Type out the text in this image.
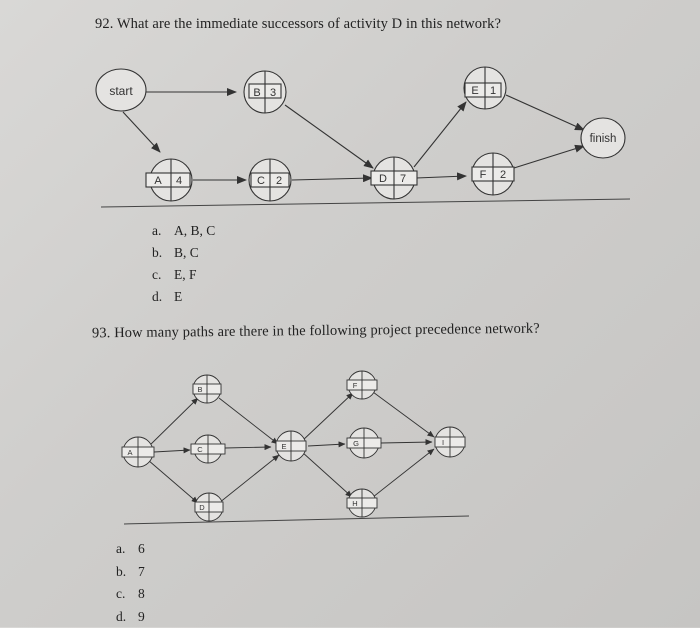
92. What are the immediate successors of activity D in this network?
start
finish
B 3
A 4	C 2	D 7
E 1
F 2
A
B
C
D
E
F
G
H
I
a. A, B, C
b. B, C
c. E, F
d. E
93. How many paths are there in the following project precedence network?
a. 6
b. 7
c. 8
d. 9
